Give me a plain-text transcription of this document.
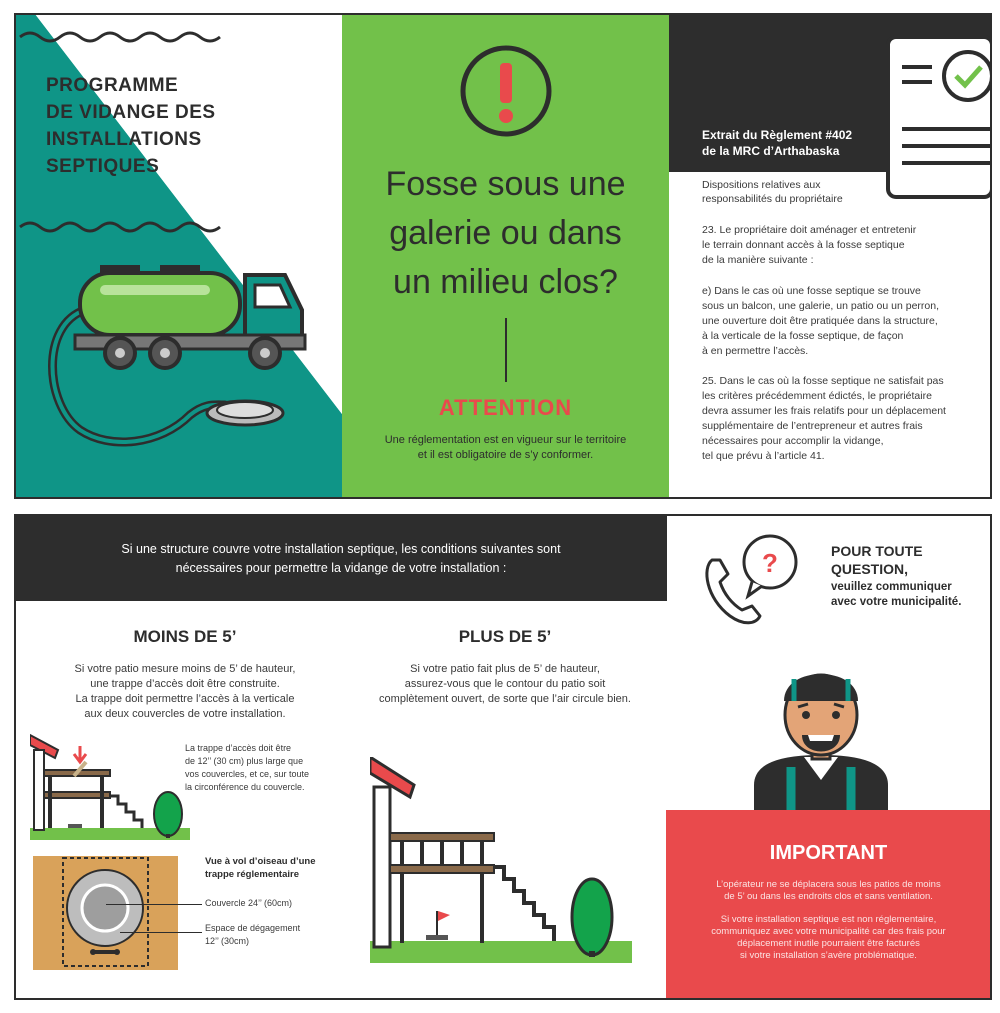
PROGRAMME
DE VIDANGE DES
INSTALLATIONS
SEPTIQUES	Fosse sous une
galerie ou dans
un milieu clos?
ATTENTION
Une réglementation est en vigueur sur le territoire
et il est obligatoire de s’y conformer.
Extrait du Règlement #402
de la MRC d’Arthabaska
Dispositions relatives aux
responsabilités du propriétaire
23. Le propriétaire doit aménager et entretenir
le terrain donnant accès à la fosse septique
de la manière suivante :
e) Dans le cas où une fosse septique se trouve
sous un balcon, une galerie, un patio ou un perron,
une ouverture doit être pratiquée dans la structure,
à la verticale de la fosse septique, de façon
à en permettre l’accès.
25. Dans le cas où la fosse septique ne satisfait pas
les critères précédemment édictés, le propriétaire
devra assumer les frais relatifs pour un déplacement
supplémentaire de l’entrepreneur et autres frais
nécessaires pour accomplir la vidange,
tel que prévu à l’article 41.
Si une structure couvre votre installation septique, les conditions suivantes sont
nécessaires pour permettre la vidange de votre installation :	?	POUR TOUTE
QUESTION,
veuillez communiquer
avec votre municipalité.
MOINS DE 5’
Si votre patio mesure moins de 5’ de hauteur,
une trappe d’accès doit être construite.
La trappe doit permettre l’accès à la verticale
aux deux couvercles de votre installation.
La trappe d’accès doit être
de 12’’ (30 cm) plus large que
vos couvercles, et ce, sur toute
la circonférence du couvercle.
Vue à vol d’oiseau d’une
trappe réglementaire
Couvercle 24’’ (60cm)
Espace de dégagement
12’’ (30cm)
PLUS DE 5’
Si votre patio fait plus de 5’ de hauteur,
assurez-vous que le contour du patio soit
complètement ouvert, de sorte que l’air circule bien.
IMPORTANT
L’opérateur ne se déplacera sous les patios de moins
de 5’ ou dans les endroits clos et sans ventilation.
Si votre installation septique est non réglementaire,
communiquez avec votre municipalité car des frais pour
déplacement inutile pourraient être facturés
si votre installation s’avère problématique.
